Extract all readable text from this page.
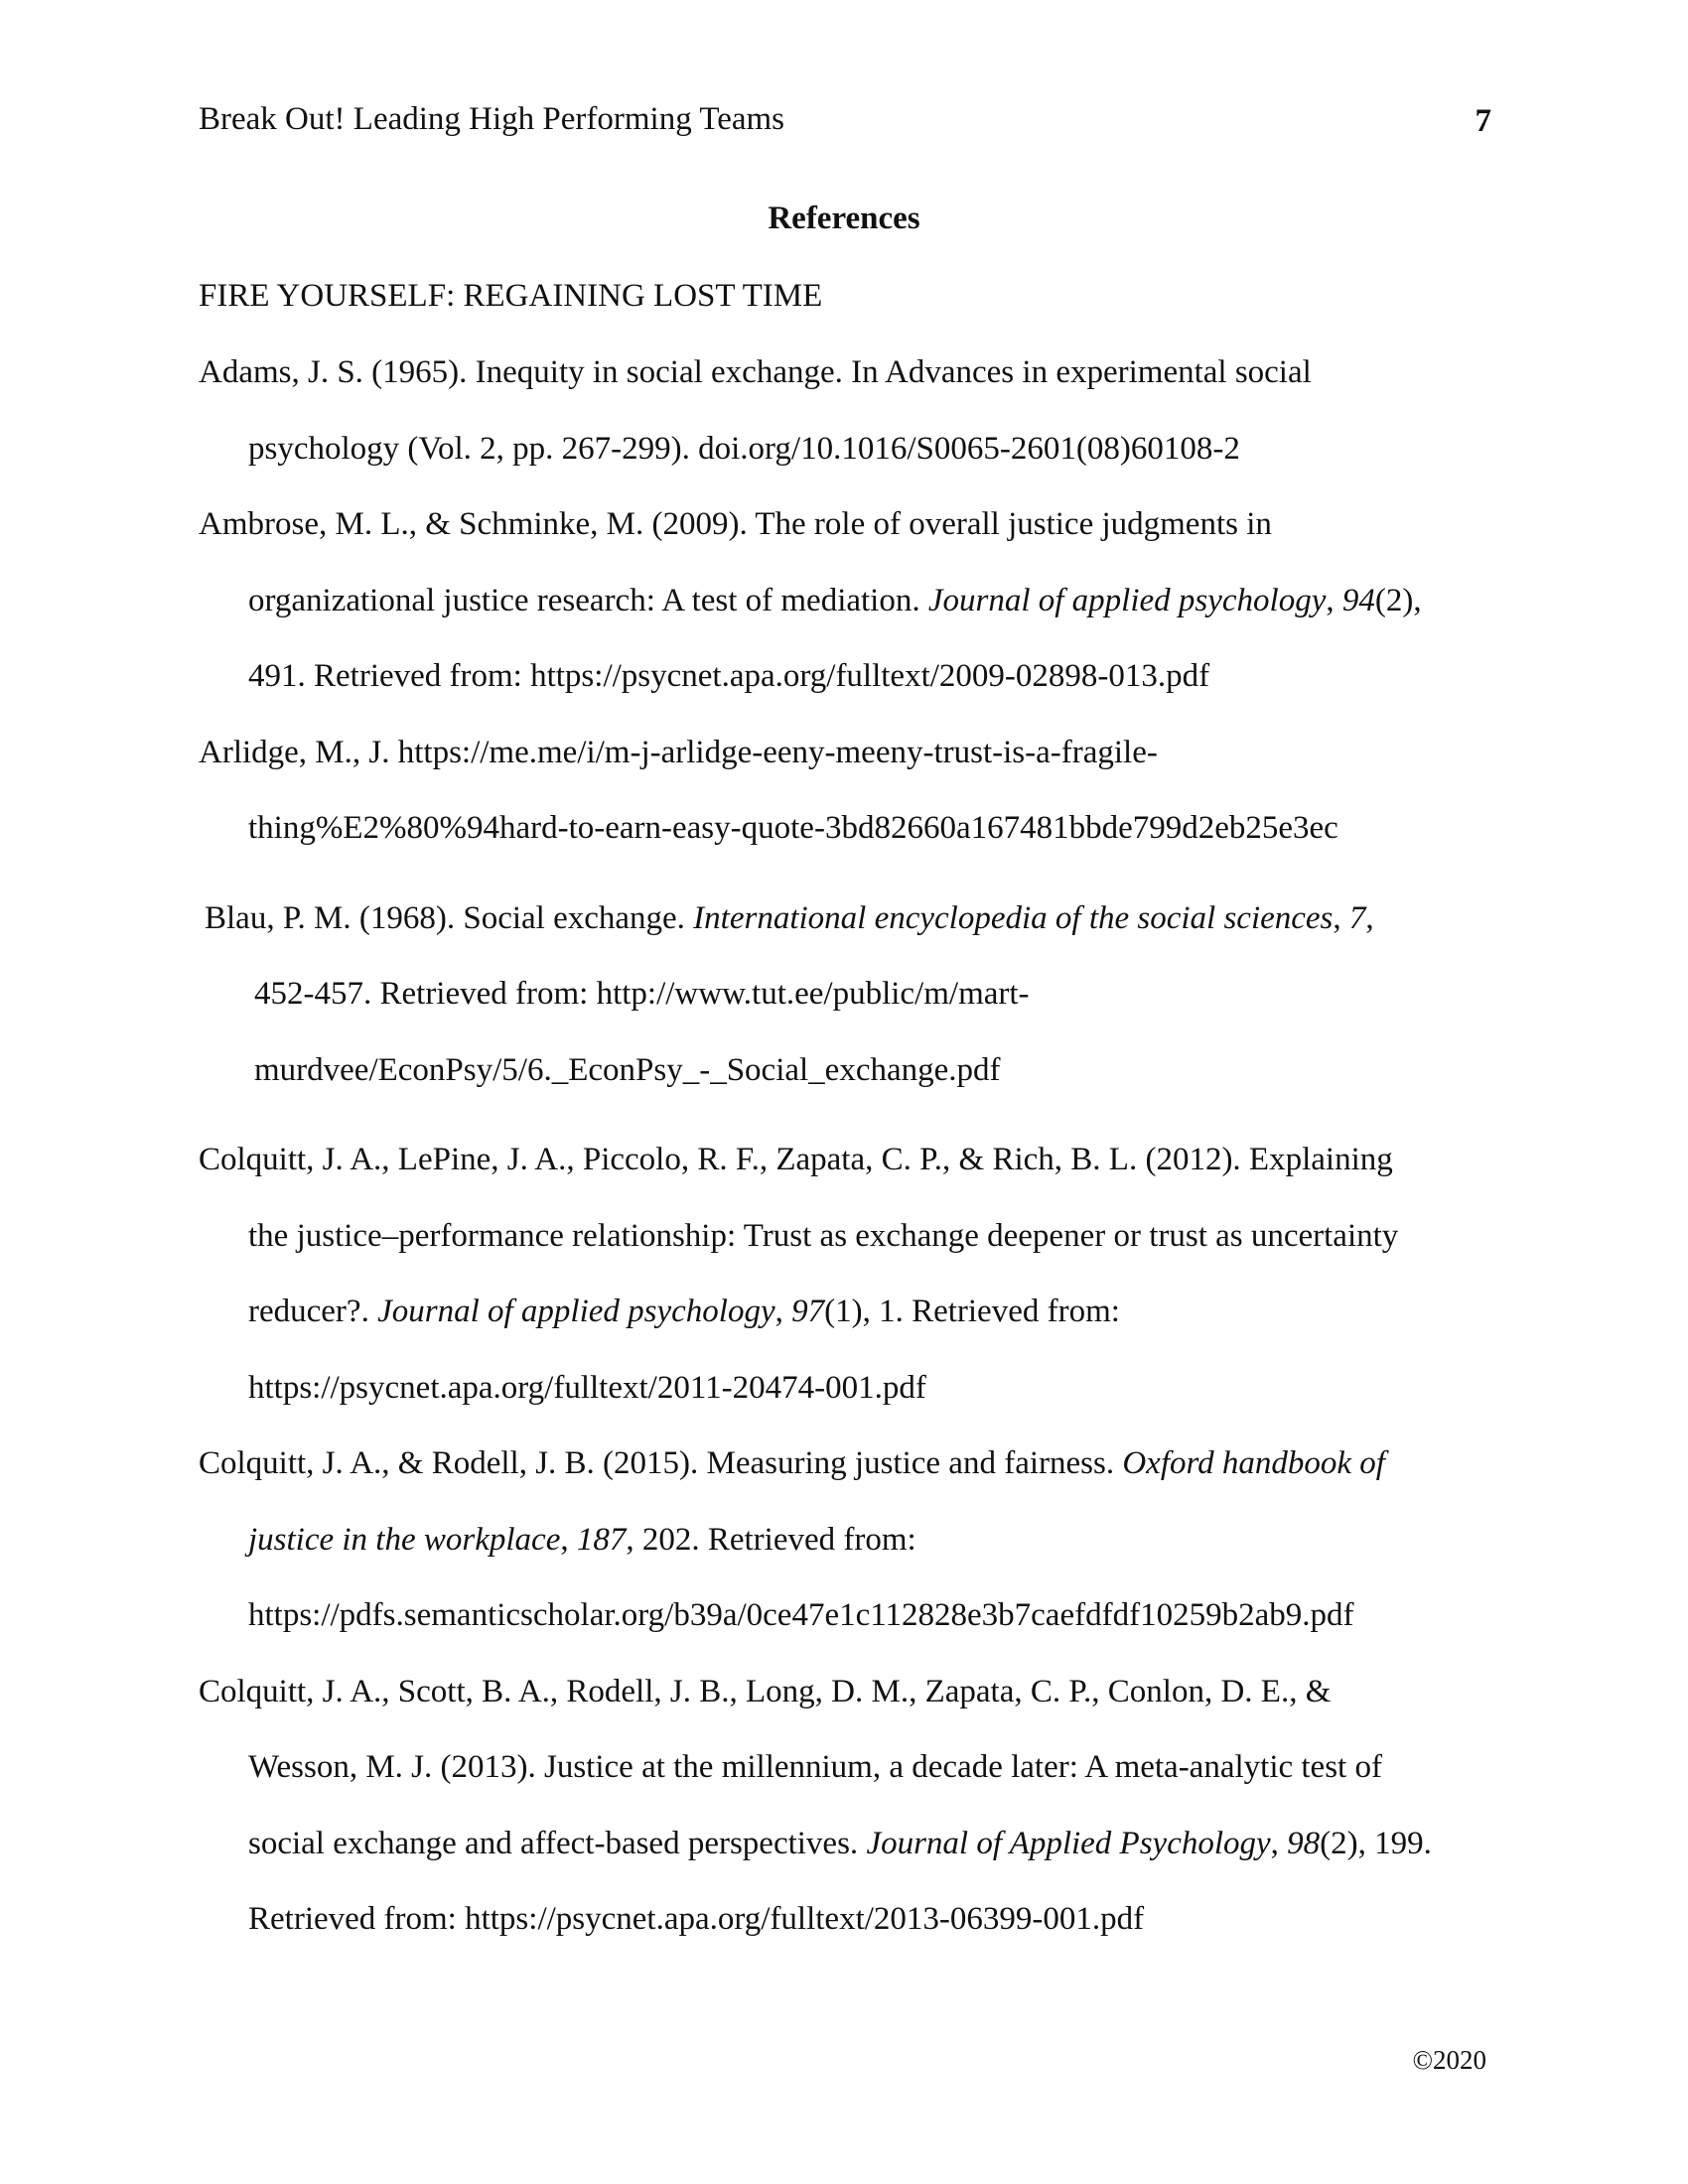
Break Out! Leading High Performing Teams	7
References
FIRE YOURSELF: REGAINING LOST TIME
Adams, J. S. (1965). Inequity in social exchange. In Advances in experimental social
psychology (Vol. 2, pp. 267-299). doi.org/10.1016/S0065-2601(08)60108-2
Ambrose, M. L., & Schminke, M. (2009). The role of overall justice judgments in
organizational justice research: A test of mediation. Journal of applied psychology, 94(2),
491. Retrieved from: https://psycnet.apa.org/fulltext/2009-02898-013.pdf
Arlidge, M., J. https://me.me/i/m-j-arlidge-eeny-meeny-trust-is-a-fragile-
thing%E2%80%94hard-to-earn-easy-quote-3bd82660a167481bbde799d2eb25e3ec
Blau, P. M. (1968). Social exchange. International encyclopedia of the social sciences, 7,
452-457. Retrieved from: http://www.tut.ee/public/m/mart-
murdvee/EconPsy/5/6._EconPsy_-_Social_exchange.pdf
Colquitt, J. A., LePine, J. A., Piccolo, R. F., Zapata, C. P., & Rich, B. L. (2012). Explaining
the justice–performance relationship: Trust as exchange deepener or trust as uncertainty
reducer?. Journal of applied psychology, 97(1), 1. Retrieved from:
https://psycnet.apa.org/fulltext/2011-20474-001.pdf
Colquitt, J. A., & Rodell, J. B. (2015). Measuring justice and fairness. Oxford handbook of
justice in the workplace, 187, 202. Retrieved from:
https://pdfs.semanticscholar.org/b39a/0ce47e1c112828e3b7caefdfdf10259b2ab9.pdf
Colquitt, J. A., Scott, B. A., Rodell, J. B., Long, D. M., Zapata, C. P., Conlon, D. E., &
Wesson, M. J. (2013). Justice at the millennium, a decade later: A meta-analytic test of
social exchange and affect-based perspectives. Journal of Applied Psychology, 98(2), 199.
Retrieved from: https://psycnet.apa.org/fulltext/2013-06399-001.pdf
©2020
